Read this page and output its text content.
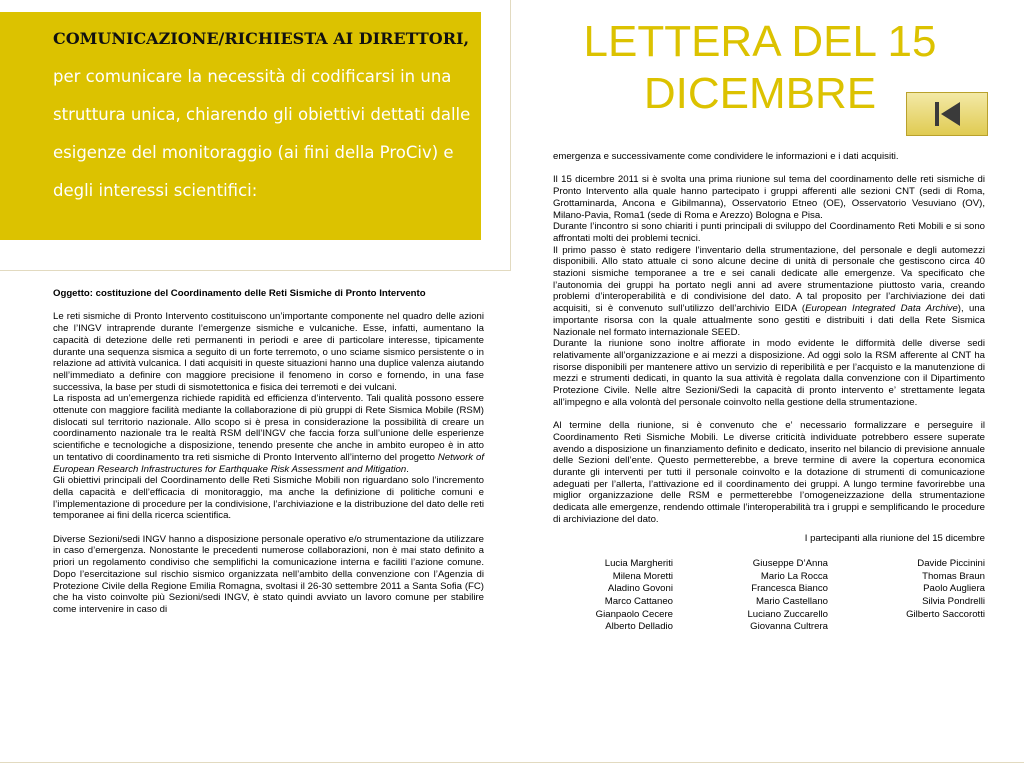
COMUNICAZIONE/RICHIESTA AI DIRETTORI, per comunicare la necessità di codificarsi in una struttura unica, chiarendo gli obiettivi dettati dalle esigenze del monitoraggio (ai fini della ProCiv) e degli interessi scientifici:
LETTERA DEL 15 DICEMBRE

Oggetto: costituzione del Coordinamento delle Reti Sismiche di Pronto Intervento

Le reti sismiche di Pronto Intervento costituiscono un’importante componente nel quadro delle azioni che l’INGV intraprende durante l’emergenze sismiche e vulcaniche. Esse, infatti, aumentano la capacità di detezione delle reti permanenti in periodi e aree di particolare interesse, tipicamente durante una sequenza sismica a seguito di un forte terremoto, o uno sciame sismico persistente o in relazione ad attività vulcanica. I dati acquisiti in queste situazioni hanno una duplice valenza aiutando nell’immediato a definire con maggiore precisione il fenomeno in corso e fornendo, in una fase successiva, la base per studi di sismotettonica e fisica dei terremoti e dei vulcani.

La risposta ad un’emergenza richiede rapidità ed efficienza d’intervento. Tali qualità possono essere ottenute con maggiore facilità mediante la collaborazione di più gruppi di Rete Sismica Mobile (RSM) dislocati sul territorio nazionale. Allo scopo si è presa in considerazione la possibilità di creare un coordinamento nazionale tra le realtà RSM dell’INGV che faccia forza sull’unione delle esperienze scientifiche e tecnologiche a disposizione, tenendo presente che anche in ambito europeo è in atto un tentativo di coordinamento tra reti sismiche di Pronto Intervento all’interno del progetto Network of European Research Infrastructures for Earthquake Risk Assessment and Mitigation.

Gli obiettivi principali del Coordinamento delle Reti Sismiche Mobili non riguardano solo l’incremento della capacità e dell’efficacia di monitoraggio, ma anche la definizione di politiche comuni e l’implementazione di procedure per la condivisione, l’archiviazione e la distribuzione del dato delle reti temporanee ai fini della ricerca scientifica.

Diverse Sezioni/sedi INGV hanno a disposizione personale operativo e/o strumentazione da utilizzare in caso d’emergenza. Nonostante le precedenti numerose collaborazioni, non è mai stato definito a priori un regolamento condiviso che semplifichi la comunicazione interna e faciliti l’azione comune. Dopo l’esercitazione sul rischio sismico organizzata nell’ambito della convenzione con l’Agenzia di Protezione Civile della Regione Emilia Romagna, svoltasi il 26-30 settembre 2011 a Santa Sofia (FC) che ha visto coinvolte più Sezioni/sedi INGV, è stato quindi avviato un lavoro comune per stabilire come intervenire in caso di

emergenza e successivamente come condividere le informazioni e i dati acquisiti.

Il 15 dicembre 2011 si è svolta una prima riunione sul tema del coordinamento delle reti sismiche di Pronto Intervento alla quale hanno partecipato i gruppi afferenti alle sezioni CNT (sedi di Roma, Grottaminarda, Ancona e Gibilmanna), Osservatorio Etneo (OE), Osservatorio Vesuviano (OV), Milano-Pavia, Roma1 (sede di Roma e Arezzo) Bologna e Pisa.

Durante l’incontro si sono chiariti i punti principali di sviluppo del Coordinamento Reti Mobili e si sono affrontati molti dei problemi tecnici.

Il primo passo è stato redigere l’inventario della strumentazione, del personale e degli automezzi disponibili. Allo stato attuale ci sono alcune decine di unità di personale che gestiscono circa 40 stazioni sismiche temporanee a tre e sei canali dedicate alle emergenze. Va specificato che l’autonomia dei gruppi ha portato negli anni ad avere strumentazione piuttosto varia, creando problemi d’interoperabilità e di condivisione del dato. A tal proposito per l’archiviazione dei dati acquisiti, si è convenuto sull’utilizzo dell’archivio EIDA (European Integrated Data Archive), una importante risorsa con la quale attualmente sono gestiti e distribuiti i dati della Rete Sismica Nazionale nel formato internazionale SEED.

Durante la riunione sono inoltre affiorate in modo evidente le difformità delle diverse sedi relativamente all’organizzazione e ai mezzi a disposizione. Ad oggi solo la RSM afferente al CNT ha risorse disponibili per mantenere attivo un servizio di reperibilità e per l’acquisto e la manutenzione di mezzi e strumenti dedicati, in quanto la sua attività è regolata dalla convenzione con il Dipartimento Protezione Civile. Nelle altre Sezioni/Sedi la capacità di pronto intervento e’ strettamente legata all’impegno e alla volontà del personale coinvolto nella gestione della strumentazione.

Al termine della riunione, si è convenuto che e’ necessario formalizzare e perseguire il Coordinamento Reti Sismiche Mobili. Le diverse criticità individuate potrebbero essere superate avendo a disposizione un finanziamento definito e dedicato, inserito nel bilancio di previsione annuale delle Sezioni dell’ente. Questo permetterebbe, a breve termine di avere la copertura economica durante gli interventi per tutti il personale coinvolto e la dotazione di strumenti di comunicazione adeguati per l’allerta, l’attivazione ed il coordinamento dei gruppi. A lungo termine favorirebbe una miglior organizzazione delle RSM e permetterebbe l’omogeneizzazione della strumentazione dedicata alle emergenze, rendendo ottimale l’interoperabilità tra i gruppi e semplificando le procedure di archiviazione del dato.

I partecipanti alla riunione del 15 dicembre

Lucia Margheriti
Milena Moretti
Aladino Govoni
Marco Cattaneo
Gianpaolo Cecere
Alberto Delladio
Giuseppe D’Anna
Mario La Rocca
Francesca Bianco
Mario Castellano
Luciano Zuccarello
Giovanna Cultrera
Davide Piccinini
Thomas Braun
Paolo Augliera
Silvia Pondrelli
Gilberto Saccorotti
